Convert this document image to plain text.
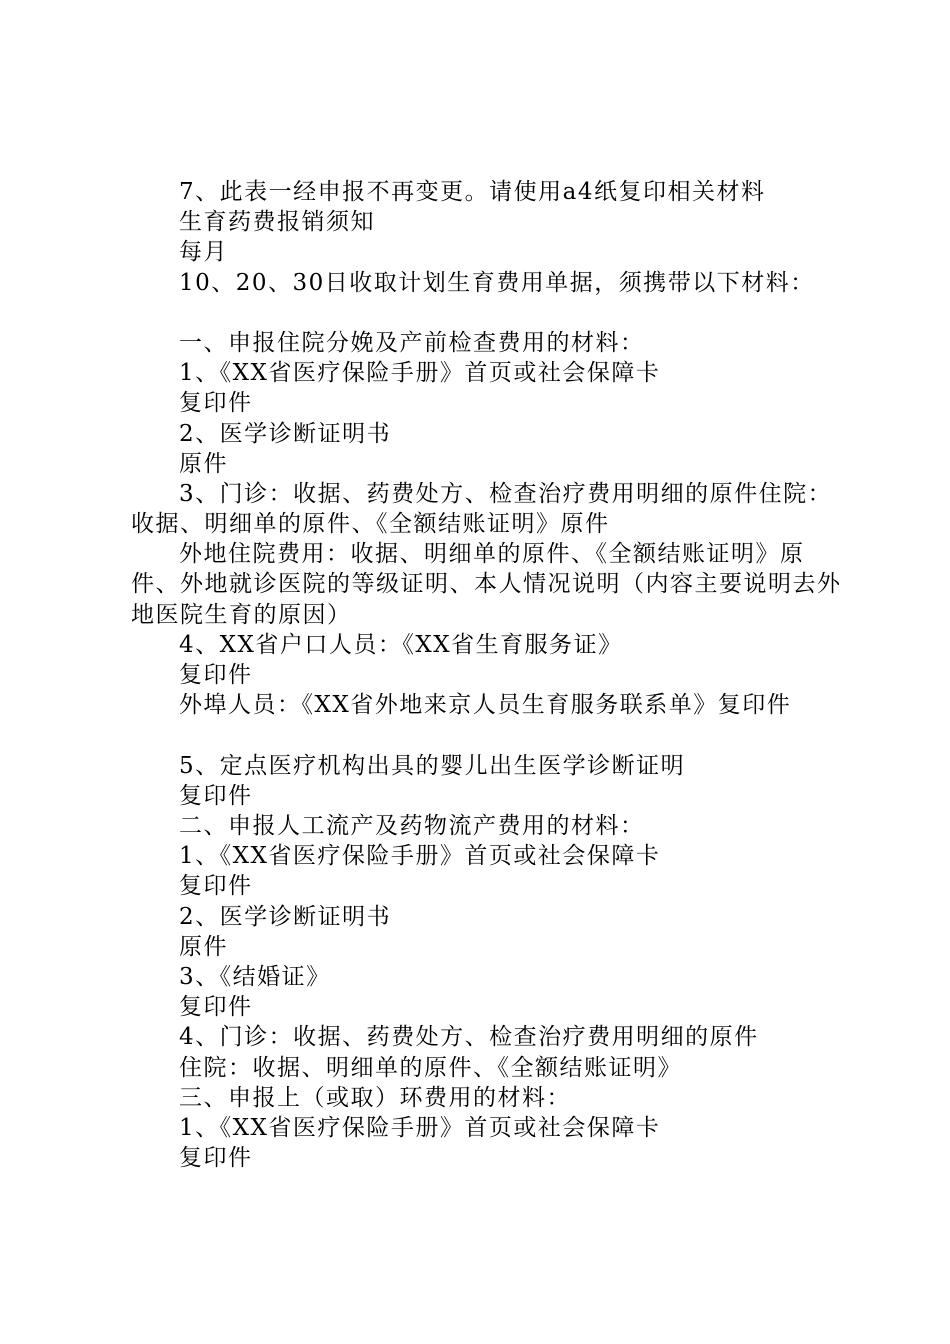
7、此表一经申报不再变更。请使用a4纸复印相关材料
生育药费报销须知
每月
10、20、30日收取计划生育费用单据，须携带以下材料：
一、申报住院分娩及产前检查费用的材料：
1、《XX省医疗保险手册》首页或社会保障卡
复印件
2、医学诊断证明书
原件
3、门诊：收据、药费处方、检查治疗费用明细的原件住院：收据、明细单的原件、《全额结账证明》原件
外地住院费用：收据、明细单的原件、《全额结账证明》原件、外地就诊医院的等级证明、本人情况说明（内容主要说明去外地医院生育的原因）
4、XX省户口人员：《XX省生育服务证》
复印件
外埠人员：《XX省外地来京人员生育服务联系单》复印件
5、定点医疗机构出具的婴儿出生医学诊断证明
复印件
二、申报人工流产及药物流产费用的材料：
1、《XX省医疗保险手册》首页或社会保障卡
复印件
2、医学诊断证明书
原件
3、《结婚证》
复印件
4、门诊：收据、药费处方、检查治疗费用明细的原件
住院：收据、明细单的原件、《全额结账证明》
三、申报上（或取）环费用的材料：
1、《XX省医疗保险手册》首页或社会保障卡
复印件
